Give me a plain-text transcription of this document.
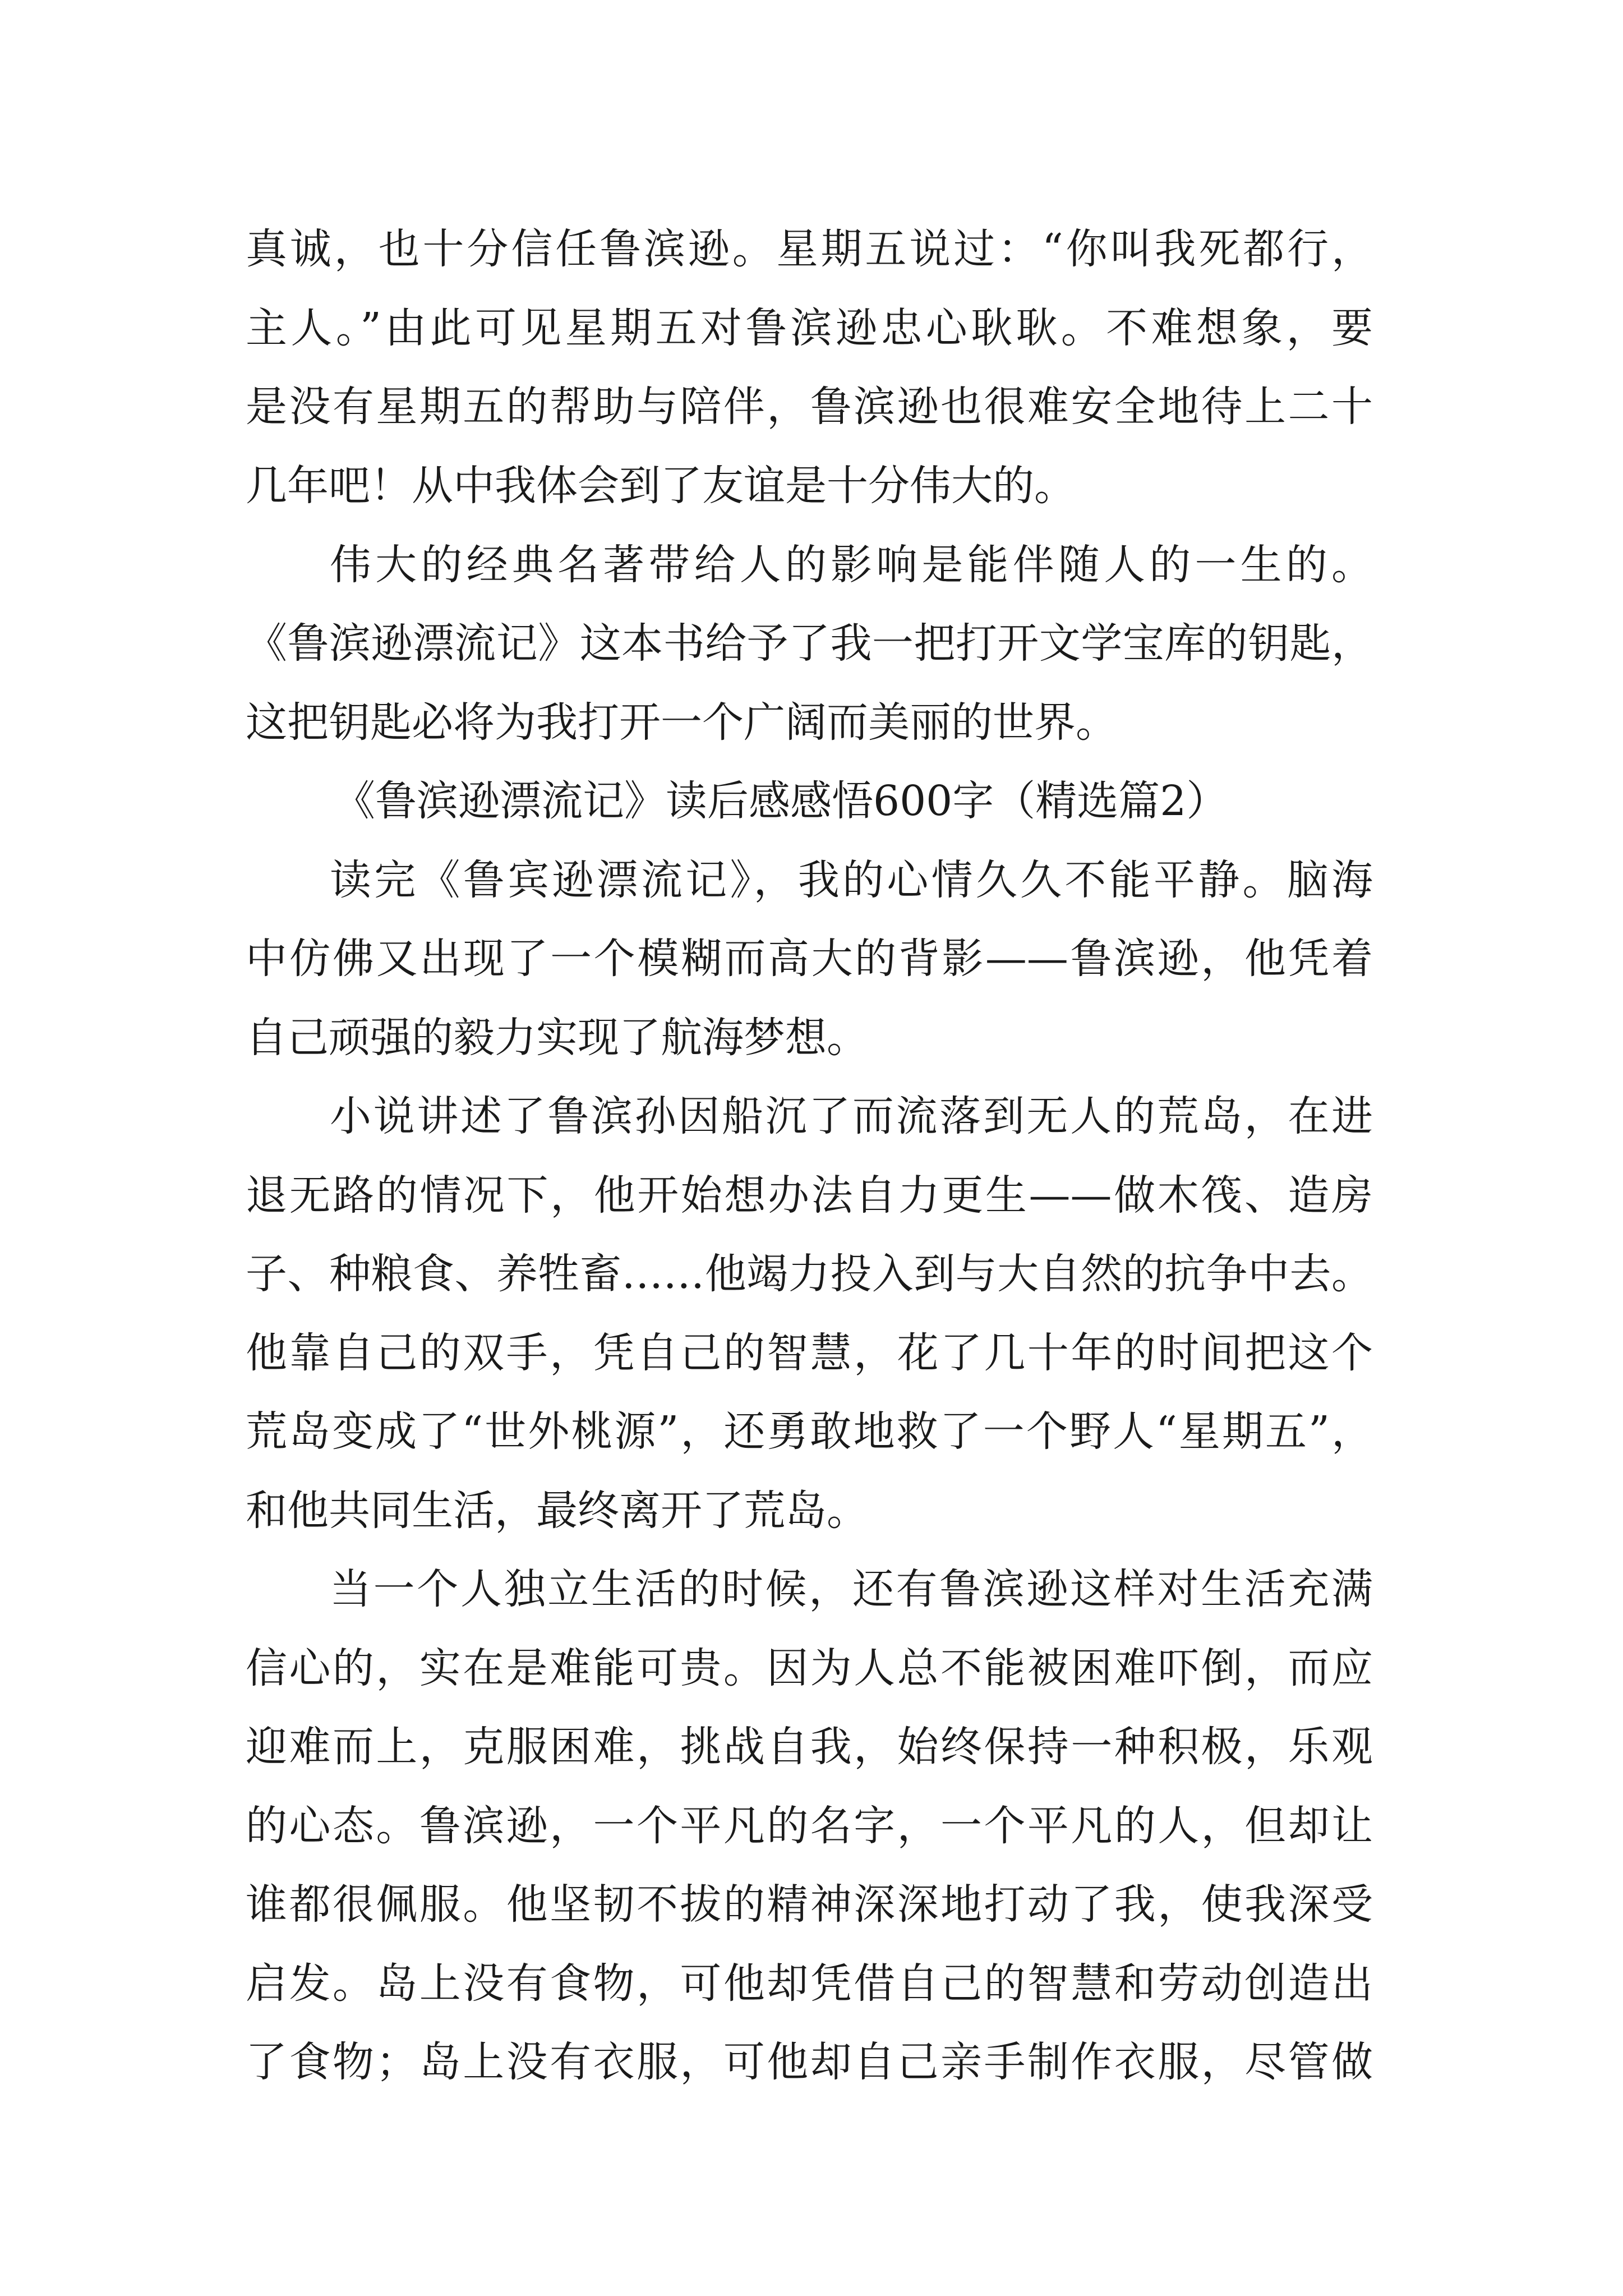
真诚，也十分信任鲁滨逊。星期五说过：“你叫我死都行，

主人。”由此可见星期五对鲁滨逊忠心耿耿。不难想象，要

是没有星期五的帮助与陪伴，鲁滨逊也很难安全地待上二十

几年吧！从中我体会到了友谊是十分伟大的。

伟大的经典名著带给人的影响是能伴随人的一生的。

《鲁滨逊漂流记》这本书给予了我一把打开文学宝库的钥匙，

这把钥匙必将为我打开一个广阔而美丽的世界。

《鲁滨逊漂流记》读后感感悟600字（精选篇2）

读完《鲁宾逊漂流记》，我的心情久久不能平静。脑海

中仿佛又出现了一个模糊而高大的背影——鲁滨逊，他凭着

自己顽强的毅力实现了航海梦想。

小说讲述了鲁滨孙因船沉了而流落到无人的荒岛，在进

退无路的情况下，他开始想办法自力更生——做木筏、造房

子、种粮食、养牲畜……他竭力投入到与大自然的抗争中去。

他靠自己的双手，凭自己的智慧，花了几十年的时间把这个

荒岛变成了“世外桃源”，还勇敢地救了一个野人“星期五”，

和他共同生活，最终离开了荒岛。

当一个人独立生活的时候，还有鲁滨逊这样对生活充满

信心的，实在是难能可贵。因为人总不能被困难吓倒，而应

迎难而上，克服困难，挑战自我，始终保持一种积极，乐观

的心态。鲁滨逊，一个平凡的名字，一个平凡的人，但却让

谁都很佩服。他坚韧不拔的精神深深地打动了我，使我深受

启发。岛上没有食物，可他却凭借自己的智慧和劳动创造出

了食物；岛上没有衣服，可他却自己亲手制作衣服，尽管做
